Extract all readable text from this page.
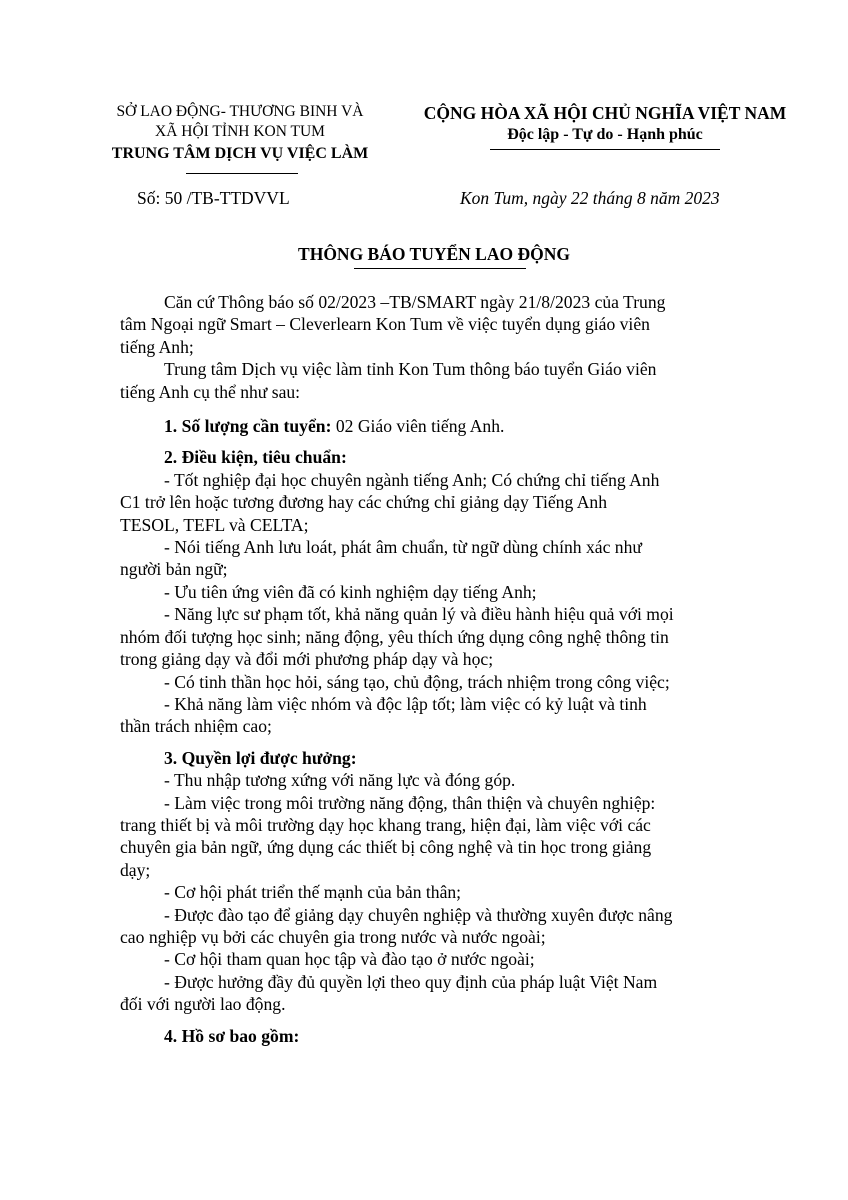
SỞ LAO ĐỘNG- THƯƠNG BINH VÀ
XÃ HỘI TỈNH KON TUM
TRUNG TÂM DỊCH VỤ VIỆC LÀM
CỘNG HÒA XÃ HỘI CHỦ NGHĨA VIỆT NAM
Độc lập - Tự do - Hạnh phúc
Số: 50 /TB-TTDVVL	Kon Tum, ngày 22 tháng 8 năm 2023
THÔNG BÁO TUYỂN LAO ĐỘNG

Căn cứ Thông báo số 02/2023 –TB/SMART ngày 21/8/2023 của Trung

tâm Ngoại ngữ Smart – Cleverlearn Kon Tum về việc tuyển dụng giáo viên

tiếng Anh;

Trung tâm Dịch vụ việc làm tỉnh Kon Tum thông báo tuyển Giáo viên

tiếng Anh cụ thể như sau:

1. Số lượng cần tuyển: 02 Giáo viên tiếng Anh.

2. Điều kiện, tiêu chuẩn:

- Tốt nghiệp đại học chuyên ngành tiếng Anh; Có chứng chỉ tiếng Anh

C1 trở lên hoặc tương đương hay các chứng chỉ giảng dạy Tiếng Anh

TESOL, TEFL và CELTA;

- Nói tiếng Anh lưu loát, phát âm chuẩn, từ ngữ dùng chính xác như

người bản ngữ;

- Ưu tiên ứng viên đã có kinh nghiệm dạy tiếng Anh;

- Năng lực sư phạm tốt, khả năng quản lý và điều hành hiệu quả với mọi

nhóm đối tượng học sinh; năng động, yêu thích ứng dụng công nghệ thông tin

trong giảng dạy và đổi mới phương pháp dạy và học;

- Có tinh thần học hỏi, sáng tạo, chủ động, trách nhiệm trong công việc;

- Khả năng làm việc nhóm và độc lập tốt; làm việc có kỷ luật và tinh

thần trách nhiệm cao;

3. Quyền lợi được hưởng:

- Thu nhập tương xứng với năng lực và đóng góp.

- Làm việc trong môi trường năng động, thân thiện và chuyên nghiệp:

trang thiết bị và môi trường dạy học khang trang, hiện đại, làm việc với các

chuyên gia bản ngữ, ứng dụng các thiết bị công nghệ và tin học trong giảng

dạy;

- Cơ hội phát triển thế mạnh của bản thân;

- Được đào tạo để giảng dạy chuyên nghiệp và thường xuyên được nâng

cao nghiệp vụ bởi các chuyên gia trong nước và nước ngoài;

- Cơ hội tham quan học tập và đào tạo ở nước ngoài;

- Được hưởng đầy đủ quyền lợi theo quy định của pháp luật Việt Nam

đối với người lao động.

4. Hồ sơ bao gồm:
